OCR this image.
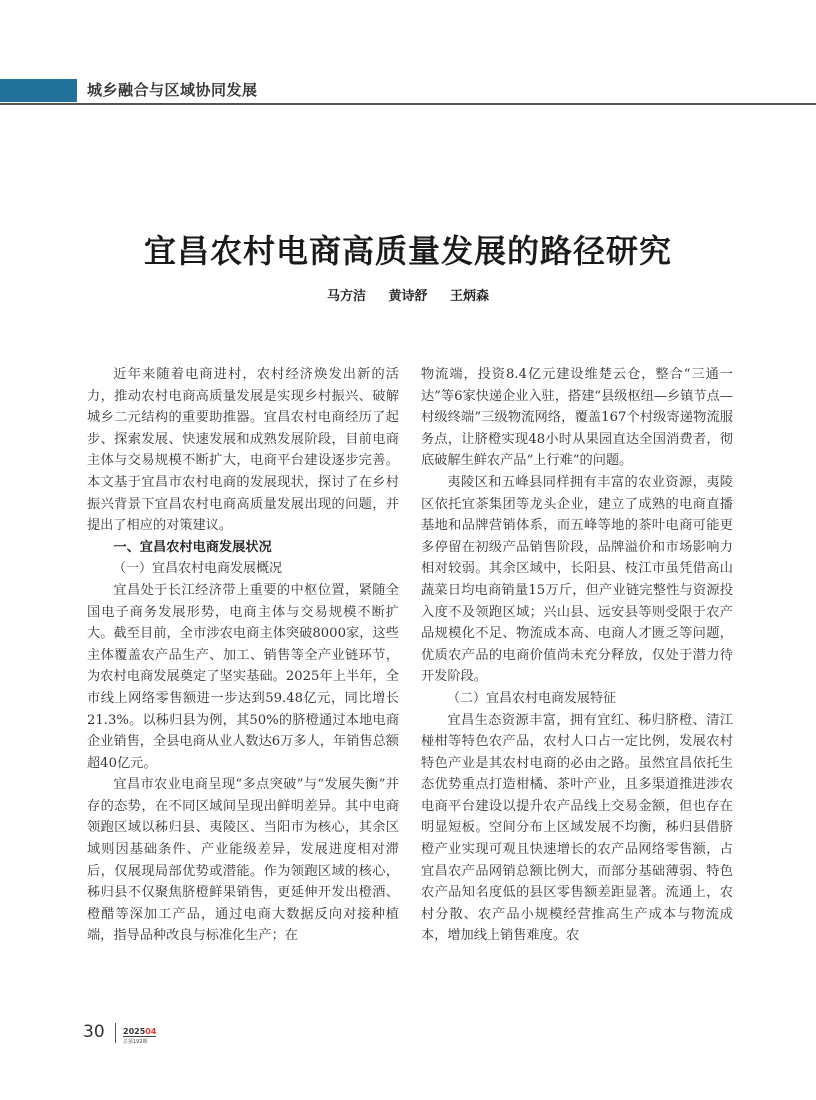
城乡融合与区域协同发展
宜昌农村电商高质量发展的路径研究
马方洁 黄诗舒 王炳森

近年来随着电商进村，农村经济焕发出新的活力，推动农村电商高质量发展是实现乡村振兴、破解城乡二元结构的重要助推器。宜昌农村电商经历了起步、探索发展、快速发展和成熟发展阶段，目前电商主体与交易规模不断扩大，电商平台建设逐步完善。本文基于宜昌市农村电商的发展现状，探讨了在乡村振兴背景下宜昌农村电商高质量发展出现的问题，并提出了相应的对策建议。

一、宜昌农村电商发展状况
（一）宜昌农村电商发展概况

宜昌处于长江经济带上重要的中枢位置，紧随全国电子商务发展形势，电商主体与交易规模不断扩大。截至目前，全市涉农电商主体突破8000家，这些主体覆盖农产品生产、加工、销售等全产业链环节，为农村电商发展奠定了坚实基础。2025年上半年，全市线上网络零售额进一步达到59.48亿元，同比增长21.3%。以秭归县为例，其50%的脐橙通过本地电商企业销售，全县电商从业人数达6万多人，年销售总额超40亿元。

宜昌市农业电商呈现“多点突破”与“发展失衡”并存的态势，在不同区域间呈现出鲜明差异。其中电商领跑区域以秭归县、夷陵区、当阳市为核心，其余区域则因基础条件、产业能级差异，发展进度相对滞后，仅展现局部优势或潜能。作为领跑区域的核心，秭归县不仅聚焦脐橙鲜果销售，更延伸开发出橙酒、橙醋等深加工产品，通过电商大数据反向对接种植端，指导品种改良与标准化生产；在

物流端，投资8.4亿元建设维楚云仓，整合“三通一达”等6家快递企业入驻，搭建“县级枢纽—乡镇节点—村级终端”三级物流网络，覆盖167个村级寄递物流服务点，让脐橙实现48小时从果园直达全国消费者，彻底破解生鲜农产品“上行难”的问题。

夷陵区和五峰县同样拥有丰富的农业资源，夷陵区依托宜茶集团等龙头企业，建立了成熟的电商直播基地和品牌营销体系，而五峰等地的茶叶电商可能更多停留在初级产品销售阶段，品牌溢价和市场影响力相对较弱。其余区域中，长阳县、枝江市虽凭借高山蔬菜日均电商销量15万斤，但产业链完整性与资源投入度不及领跑区域；兴山县、远安县等则受限于农产品规模化不足、物流成本高、电商人才匮乏等问题，优质农产品的电商价值尚未充分释放，仅处于潜力待开发阶段。

（二）宜昌农村电商发展特征

宜昌生态资源丰富，拥有宜红、秭归脐橙、清江椪柑等特色农产品，农村人口占一定比例，发展农村特色产业是其农村电商的必由之路。虽然宜昌依托生态优势重点打造柑橘、茶叶产业，且多渠道推进涉农电商平台建设以提升农产品线上交易金额，但也存在明显短板。空间分布上区域发展不均衡，秭归县借脐橙产业实现可观且快速增长的农产品网络零售额，占宜昌农产品网销总额比例大，而部分基础薄弱、特色农产品知名度低的县区零售额差距显著。流通上，农村分散、农产品小规模经营推高生产成本与物流成本，增加线上销售难度。农

30 202504
总第192期
